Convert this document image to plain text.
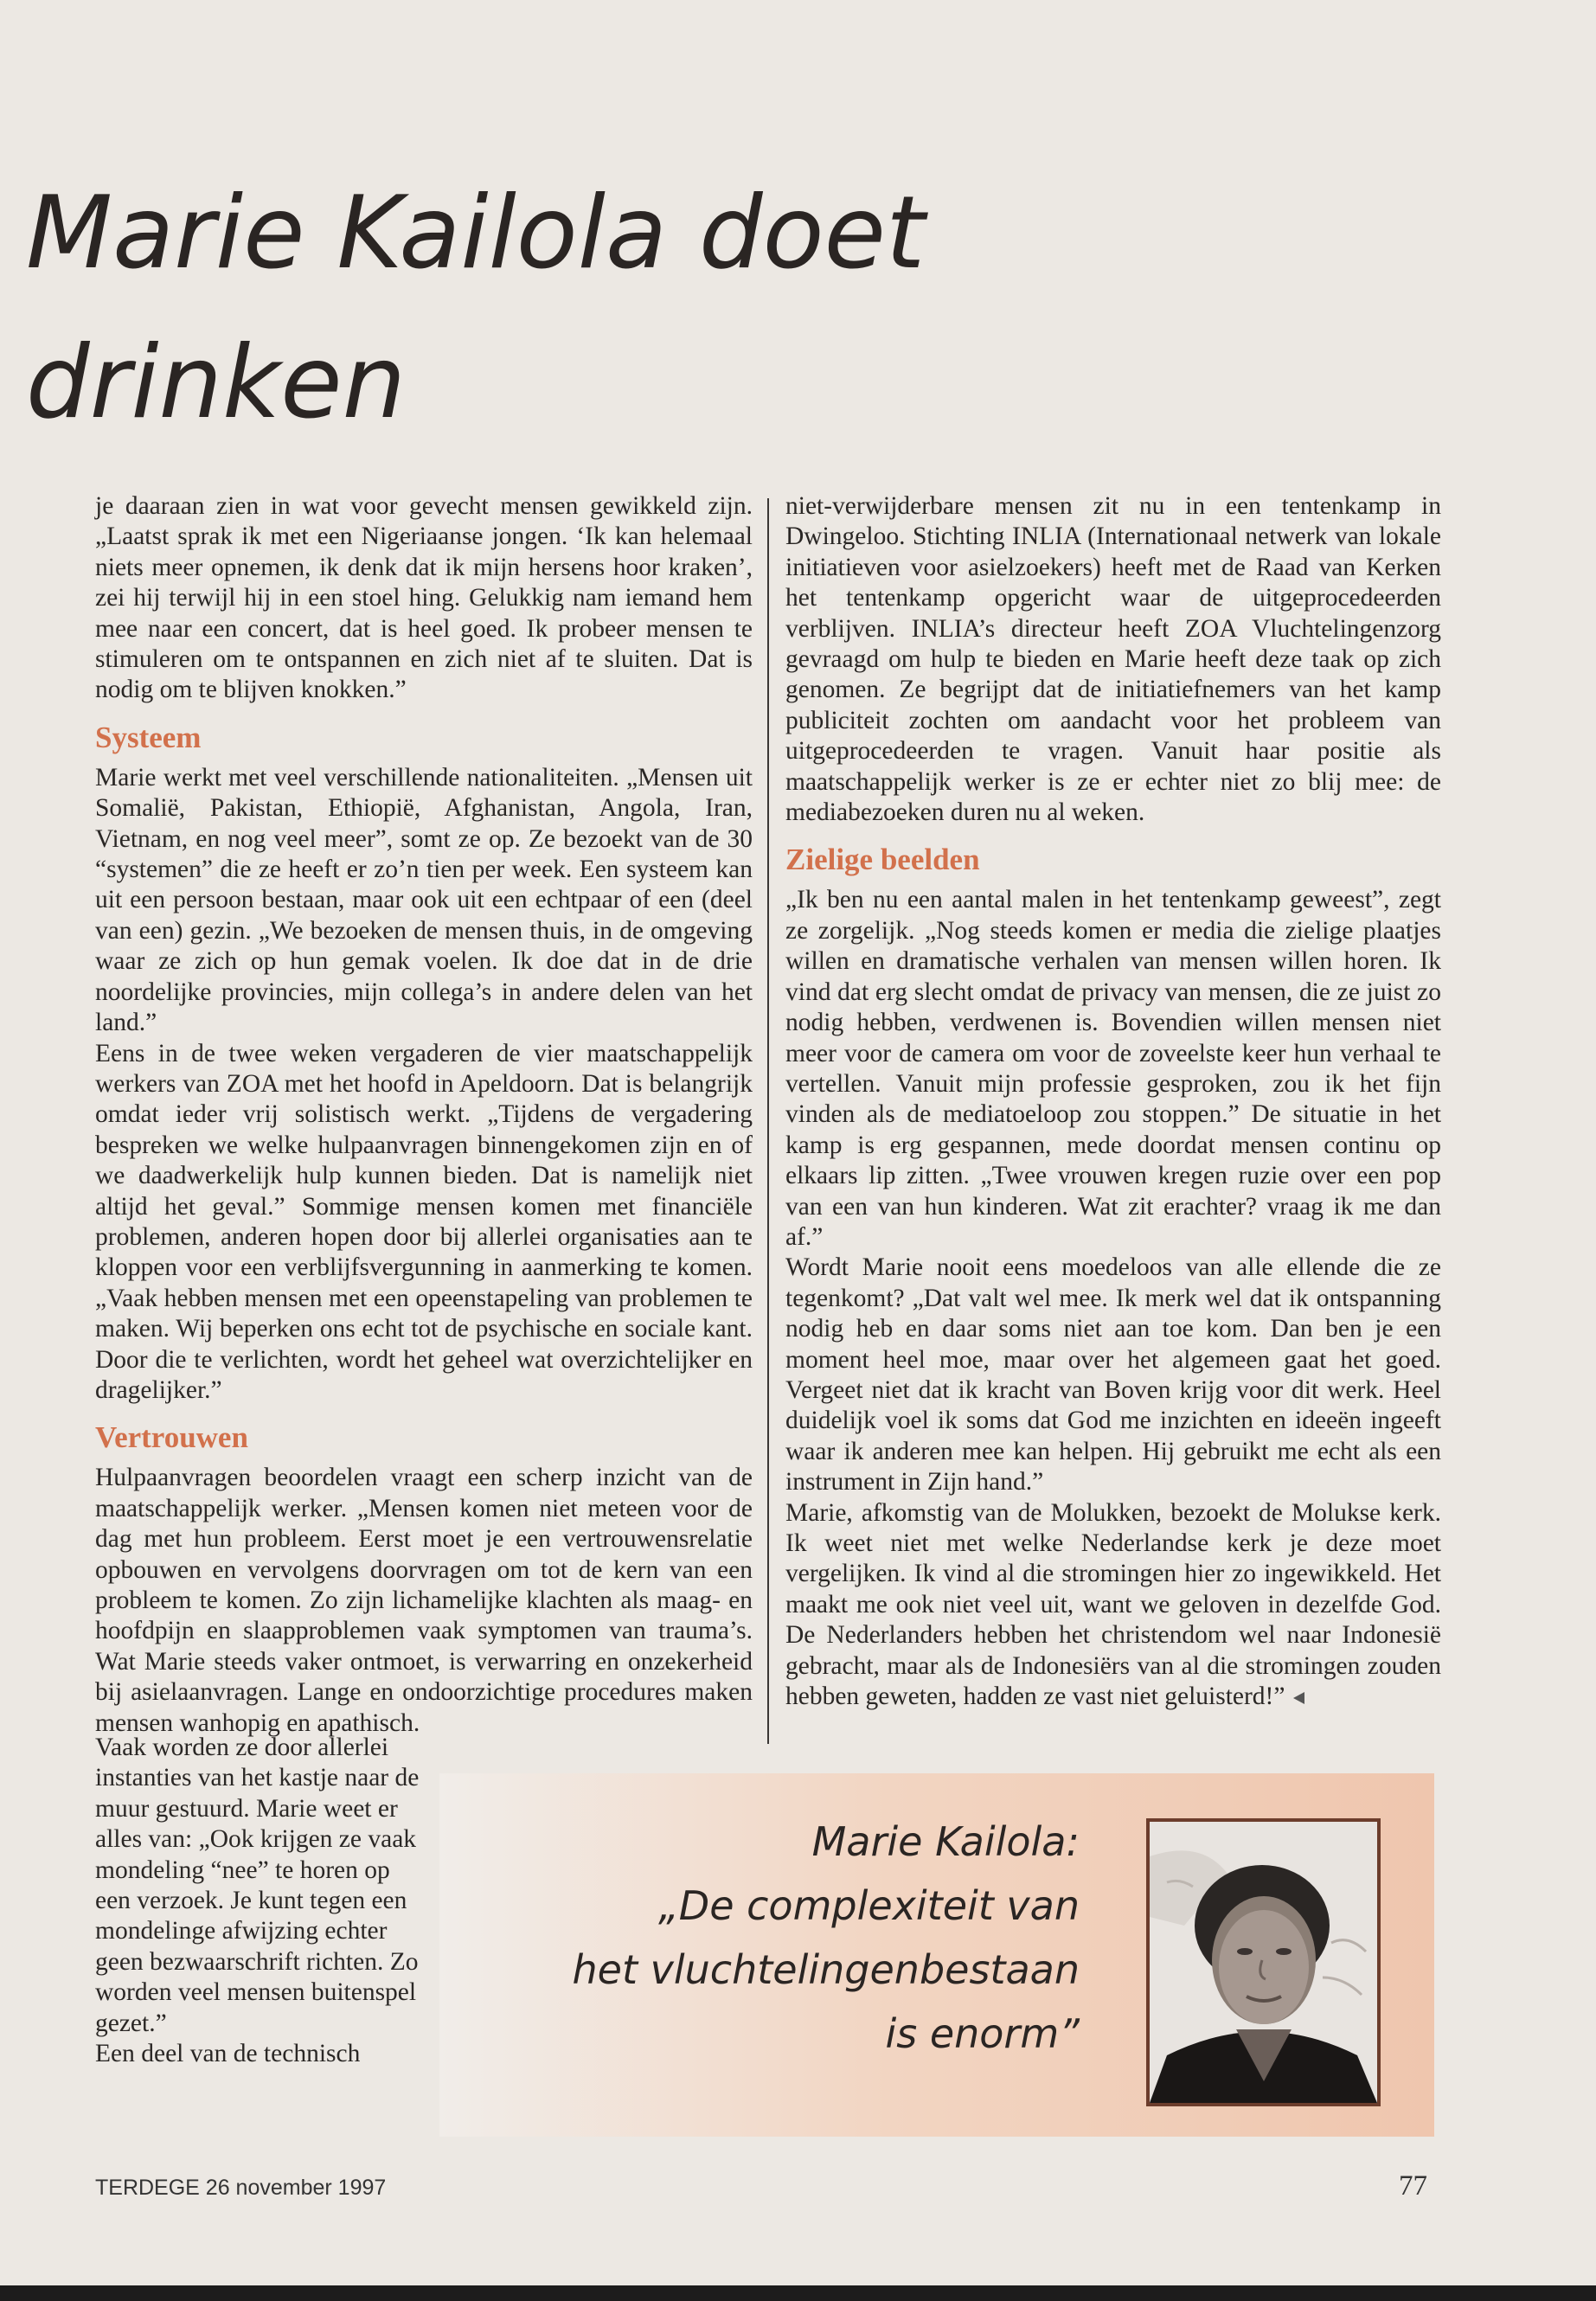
Marie Kailola doet
drinken

je daaraan zien in wat voor gevecht mensen gewikkeld zijn. „Laatst sprak ik met een Nigeriaanse jongen. ‘Ik kan helemaal niets meer opnemen, ik denk dat ik mijn hersens hoor kraken’, zei hij terwijl hij in een stoel hing. Gelukkig nam iemand hem mee naar een concert, dat is heel goed. Ik probeer mensen te stimuleren om te ontspannen en zich niet af te sluiten. Dat is nodig om te blijven knokken.”

Systeem

Marie werkt met veel verschillende nationaliteiten. „Mensen uit Somalië, Pakistan, Ethiopië, Afghanistan, Angola, Iran, Vietnam, en nog veel meer”, somt ze op. Ze bezoekt van de 30 “systemen” die ze heeft er zo’n tien per week. Een systeem kan uit een persoon bestaan, maar ook uit een echtpaar of een (deel van een) gezin. „We bezoeken de mensen thuis, in de omgeving waar ze zich op hun gemak voelen. Ik doe dat in de drie noordelijke provincies, mijn collega’s in andere delen van het land.”

Eens in de twee weken vergaderen de vier maatschappelijk werkers van ZOA met het hoofd in Apeldoorn. Dat is belangrijk omdat ieder vrij solistisch werkt. „Tijdens de vergadering bespreken we welke hulpaanvragen binnengekomen zijn en of we daadwerkelijk hulp kunnen bieden. Dat is namelijk niet altijd het geval.” Sommige mensen komen met financiële problemen, anderen hopen door bij allerlei organisaties aan te kloppen voor een verblijfsvergunning in aanmerking te komen. „Vaak hebben mensen met een opeenstapeling van problemen te maken. Wij beperken ons echt tot de psychische en sociale kant. Door die te verlichten, wordt het geheel wat overzichtelijker en dragelijker.”

Vertrouwen

Hulpaanvragen beoordelen vraagt een scherp inzicht van de maatschappelijk werker. „Mensen komen niet meteen voor de dag met hun probleem. Eerst moet je een vertrouwensrelatie opbouwen en vervolgens doorvragen om tot de kern van een probleem te komen. Zo zijn lichamelijke klachten als maag- en hoofdpijn en slaapproblemen vaak symptomen van trauma’s. Wat Marie steeds vaker ontmoet, is verwarring en onzekerheid bij asielaanvragen. Lange en ondoorzichtige procedures maken mensen wanhopig en apathisch.

Vaak worden ze door allerlei instanties van het kastje naar de muur gestuurd. Marie weet er alles van: „Ook krijgen ze vaak mondeling “nee” te horen op een verzoek. Je kunt tegen een mondelinge afwijzing echter geen bezwaarschrift richten. Zo worden veel mensen buitenspel gezet.”

Een deel van de technisch

niet-verwijderbare mensen zit nu in een tentenkamp in Dwingeloo. Stichting INLIA (Internationaal netwerk van lokale initiatieven voor asielzoekers) heeft met de Raad van Kerken het tentenkamp opgericht waar de uitgeprocedeerden verblijven. INLIA’s directeur heeft ZOA Vluchtelingenzorg gevraagd om hulp te bieden en Marie heeft deze taak op zich genomen. Ze begrijpt dat de initiatiefnemers van het kamp publiciteit zochten om aandacht voor het probleem van uitgeprocedeerden te vragen. Vanuit haar positie als maatschappelijk werker is ze er echter niet zo blij mee: de mediabezoeken duren nu al weken.

Zielige beelden

„Ik ben nu een aantal malen in het tentenkamp geweest”, zegt ze zorgelijk. „Nog steeds komen er media die zielige plaatjes willen en dramatische verhalen van mensen willen horen. Ik vind dat erg slecht omdat de privacy van mensen, die ze juist zo nodig hebben, verdwenen is. Bovendien willen mensen niet meer voor de camera om voor de zoveelste keer hun verhaal te vertellen. Vanuit mijn professie gesproken, zou ik het fijn vinden als de mediatoeloop zou stoppen.” De situatie in het kamp is erg gespannen, mede doordat mensen continu op elkaars lip zitten. „Twee vrouwen kregen ruzie over een pop van een van hun kinderen. Wat zit erachter? vraag ik me dan af.”

Wordt Marie nooit eens moedeloos van alle ellende die ze tegenkomt? „Dat valt wel mee. Ik merk wel dat ik ontspanning nodig heb en daar soms niet aan toe kom. Dan ben je een moment heel moe, maar over het algemeen gaat het goed. Vergeet niet dat ik kracht van Boven krijg voor dit werk. Heel duidelijk voel ik soms dat God me inzichten en ideeën ingeeft waar ik anderen mee kan helpen. Hij gebruikt me echt als een instrument in Zijn hand.”

Marie, afkomstig van de Molukken, bezoekt de Molukse kerk. Ik weet niet met welke Nederlandse kerk je deze moet vergelijken. Ik vind al die stromingen hier zo ingewikkeld. Het maakt me ook niet veel uit, want we geloven in dezelfde God. De Nederlanders hebben het christendom wel naar Indonesië gebracht, maar als de Indonesiërs van al die stromingen zouden hebben geweten, hadden ze vast niet geluisterd!”

Marie Kailola:
„De complexiteit van
het vluchtelingenbestaan
is enorm”
TERDEGE 26 november 1997	77
